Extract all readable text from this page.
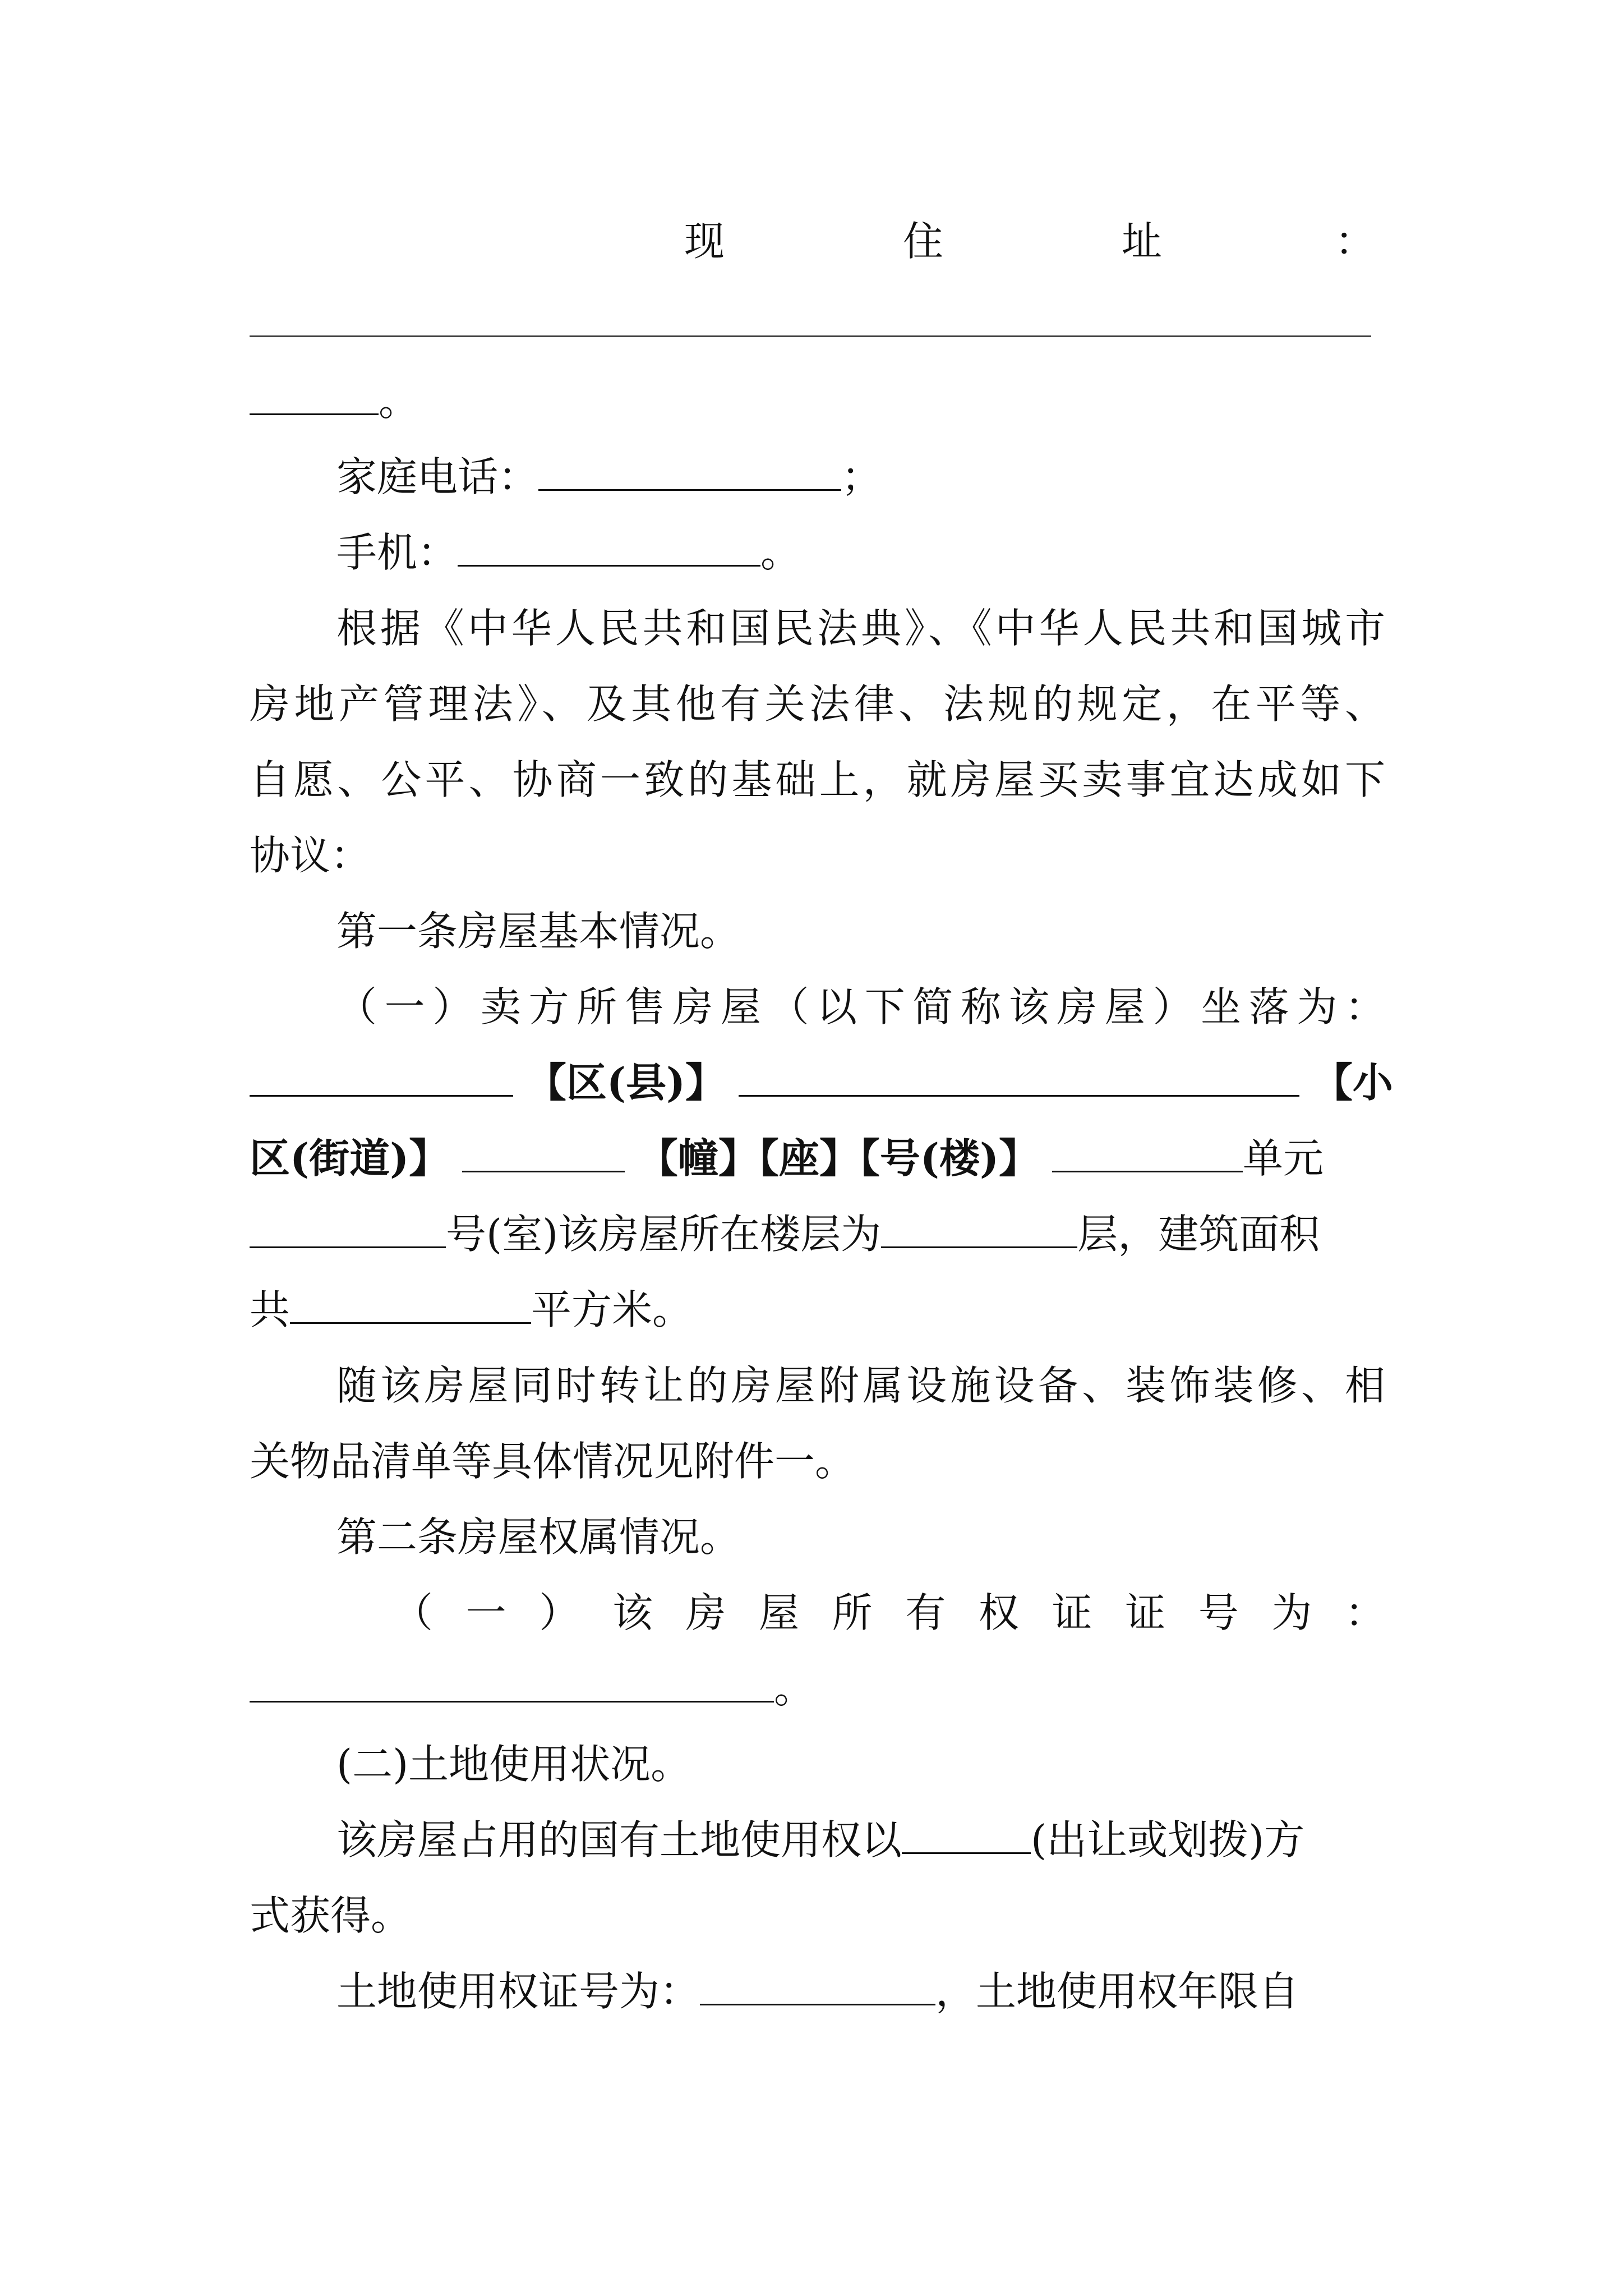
现	住	址	：
。
家庭电话：	；
手机：	。
根据《中华人民共和国民法典》、《中华人民共和国城市
房地产管理法》、及其他有关法律、法规的规定，在平等、
自愿、公平、协商一致的基础上，就房屋买卖事宜达成如下
协议：
第一条房屋基本情况。
（一）卖方所售房屋（以下简称该房屋）坐落为：
【区(县)】	【小
区(街道)】	【幢】【座】【号(楼)】	单元
号(室)该房屋所在楼层为	层，建筑面积
共	平方米。
随该房屋同时转让的房屋附属设施设备、装饰装修、相
关物品清单等具体情况见附件一。
第二条房屋权属情况。
（一）该房屋所有权证证号为：
。
(二)土地使用状况。
该房屋占用的国有土地使用权以	(出让或划拨)方
式获得。
土地使用权证号为：	，土地使用权年限自
